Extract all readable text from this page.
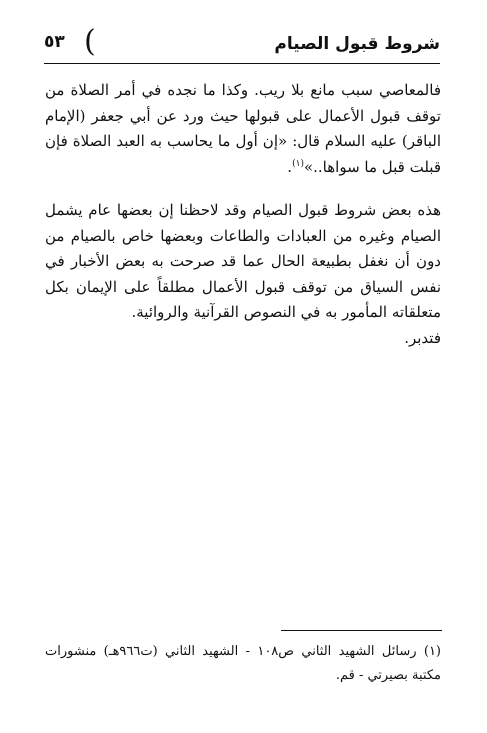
شروط قبول الصيام
)
٥٣

فالمعاصي سبب مانع بلا ريب. وكذا ما نجده في أمر الصلاة من توقف قبول الأعمال على قبولها حيث ورد عن أبي جعفر (الإمام الباقر) عليه السلام قال: «إن أول ما يحاسب به العبد الصلاة فإن قبلت قبل ما سواها..»$^{(١)}$.

هذه بعض شروط قبول الصيام وقد لاحظنا إن بعضها عام يشمل الصيام وغيره من العبادات والطاعات وبعضها خاص بالصيام من دون أن نغفل بطبيعة الحال عما قد صرحت به بعض الأخبار في نفس السياق من توقف قبول الأعمال مطلقاً على الإيمان بكل متعلقاته المأمور به في النصوص القرآنية والروائية.

فتدبر.

(١) رسائل الشهيد الثاني ص١٠٨ - الشهيد الثاني (ت٩٦٦هـ) منشورات مكتبة بصيرتي - قم.
